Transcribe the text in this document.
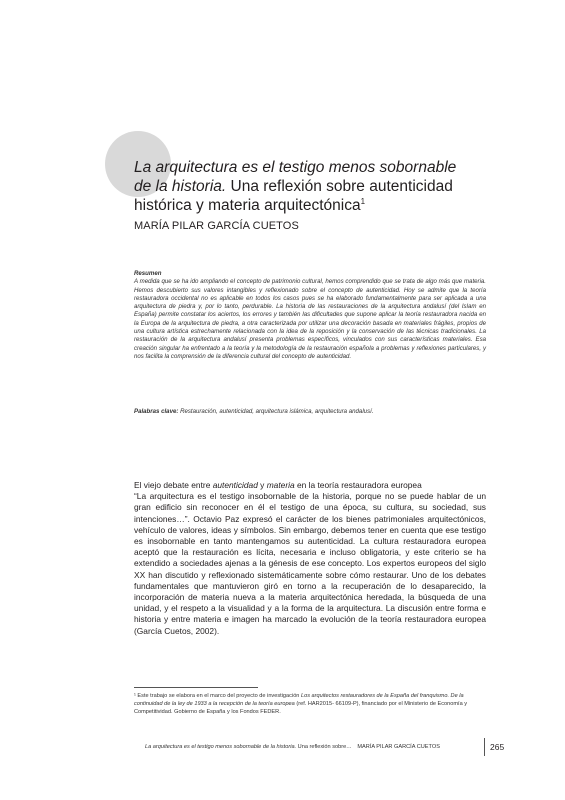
La arquitectura es el testigo menos sobornable de la historia. Una reflexión sobre autenticidad histórica y materia arquitectónica$^1$
MARÍA PILAR GARCÍA CUETOS
Resumen
A medida que se ha ido ampliando el concepto de patrimonio cultural, hemos comprendido que se trata de algo más que materia. Hemos descubierto sus valores intangibles y reflexionado sobre el concepto de autenticidad. Hoy se admite que la teoría restauradora occidental no es aplicable en todos los casos pues se ha elaborado fundamentalmente para ser aplicada a una arquitectura de piedra y, por lo tanto, perdurable. La historia de las restauraciones de la arquitectura andalusí (del Islam en España) permite constatar los aciertos, los errores y también las dificultades que supone aplicar la teoría restauradora nacida en la Europa de la arquitectura de piedra, a otra caracterizada por utilizar una decoración basada en materiales frágiles, propios de una cultura artística estrechamente relacionada con la idea de la reposición y la conservación de las técnicas tradicionales. La restauración de la arquitectura andalusí presenta problemas específicos, vinculados con sus características materiales. Esa creación singular ha enfrentado a la teoría y la metodología de la restauración española a problemas y reflexiones particulares, y nos facilita la comprensión de la diferencia cultural del concepto de autenticidad.
Palabras clave: Restauración, autenticidad, arquitectura islámica, arquitectura andalusí.
El viejo debate entre autenticidad y materia en la teoría restauradora europea
“La arquitectura es el testigo insobornable de la historia, porque no se puede hablar de un gran edificio sin reconocer en él el testigo de una época, su cultura, su sociedad, sus intenciones…”. Octavio Paz expresó el carácter de los bienes patrimoniales arquitectónicos, vehículo de valores, ideas y símbolos. Sin embargo, debemos tener en cuenta que ese testigo es insobornable en tanto mantengamos su autenticidad. La cultura restauradora europea aceptó que la restauración es lícita, necesaria e incluso obligatoria, y este criterio se ha extendido a sociedades ajenas a la génesis de ese concepto. Los expertos europeos del siglo XX han discutido y reflexionado sistemáticamente sobre cómo restaurar. Uno de los debates fundamentales que mantuvieron giró en torno a la recuperación de lo desaparecido, la incorporación de materia nueva a la materia arquitectónica heredada, la búsqueda de una unidad, y el respeto a la visualidad y a la forma de la arquitectura. La discusión entre forma e historia y entre materia e imagen ha marcado la evolución de la teoría restauradora europea (García Cuetos, 2002).
¹ Este trabajo se elabora en el marco del proyecto de investigación Los arquitectos restauradores de la España del franquismo. De la continuidad de la ley de 1933 a la recepción de la teoría europea (ref. HAR2015- 66109-P), financiado por el Ministerio de Economía y Competitividad. Gobierno de España y los Fondos FEDER.
La arquitectura es el testigo menos sobornable de la historia. Una reflexión sobre… MARÍA PILAR GARCÍA CUETOS	265
